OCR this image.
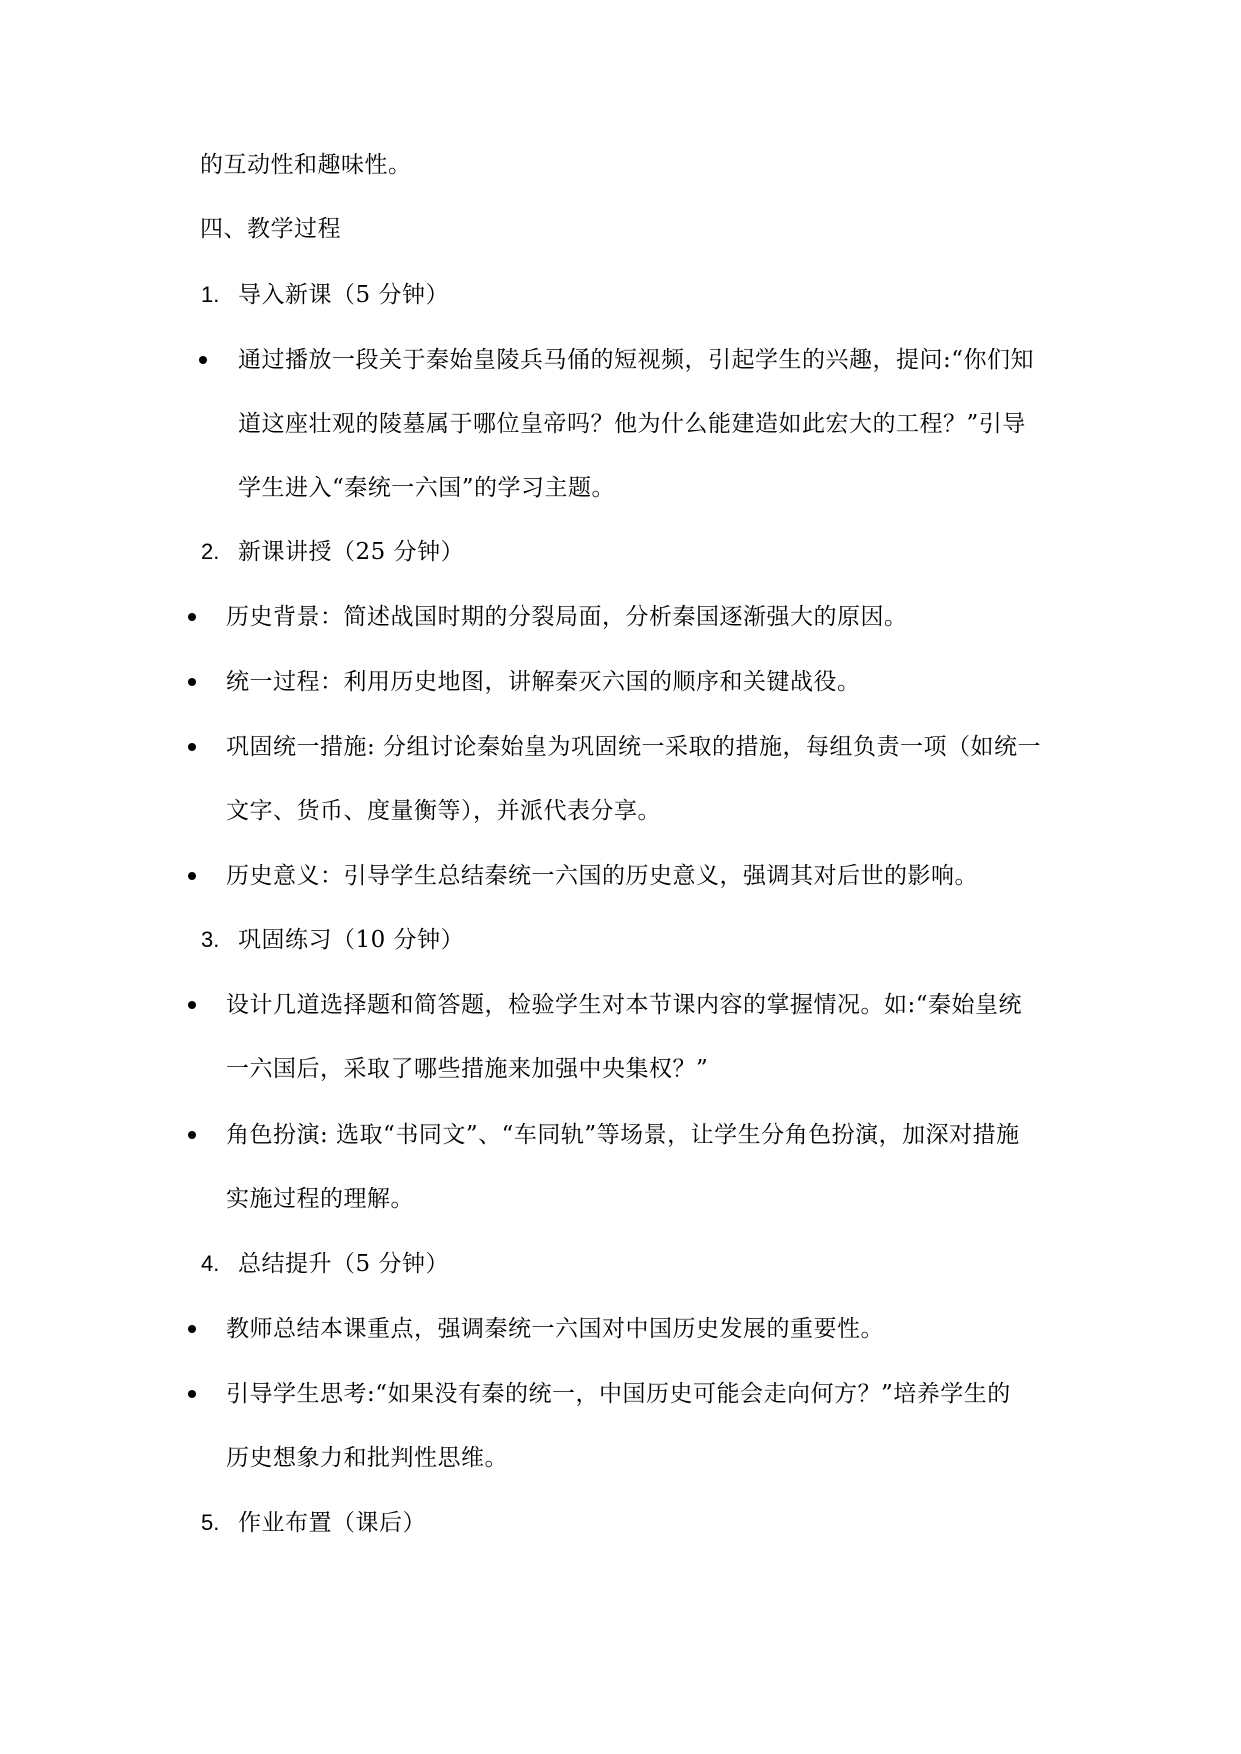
的互动性和趣味性。
四、教学过程
1. 导入新课（5 分钟）
通过播放一段关于秦始皇陵兵马俑的短视频，引起学生的兴趣，提问:“你们知
道这座壮观的陵墓属于哪位皇帝吗？他为什么能建造如此宏大的工程？”引导
学生进入“秦统一六国”的学习主题。
2. 新课讲授（25 分钟）
历史背景：简述战国时期的分裂局面，分析秦国逐渐强大的原因。
统一过程：利用历史地图，讲解秦灭六国的顺序和关键战役。
巩固统一措施: 分组讨论秦始皇为巩固统一采取的措施，每组负责一项（如统一
文字、货币、度量衡等），并派代表分享。
历史意义：引导学生总结秦统一六国的历史意义，强调其对后世的影响。
3. 巩固练习（10 分钟）
设计几道选择题和简答题，检验学生对本节课内容的掌握情况。如:“秦始皇统
一六国后，采取了哪些措施来加强中央集权？”
角色扮演: 选取“书同文”、“车同轨”等场景，让学生分角色扮演，加深对措施
实施过程的理解。
4. 总结提升（5 分钟）
教师总结本课重点，强调秦统一六国对中国历史发展的重要性。
引导学生思考:“如果没有秦的统一，中国历史可能会走向何方？”培养学生的
历史想象力和批判性思维。
5. 作业布置（课后）
